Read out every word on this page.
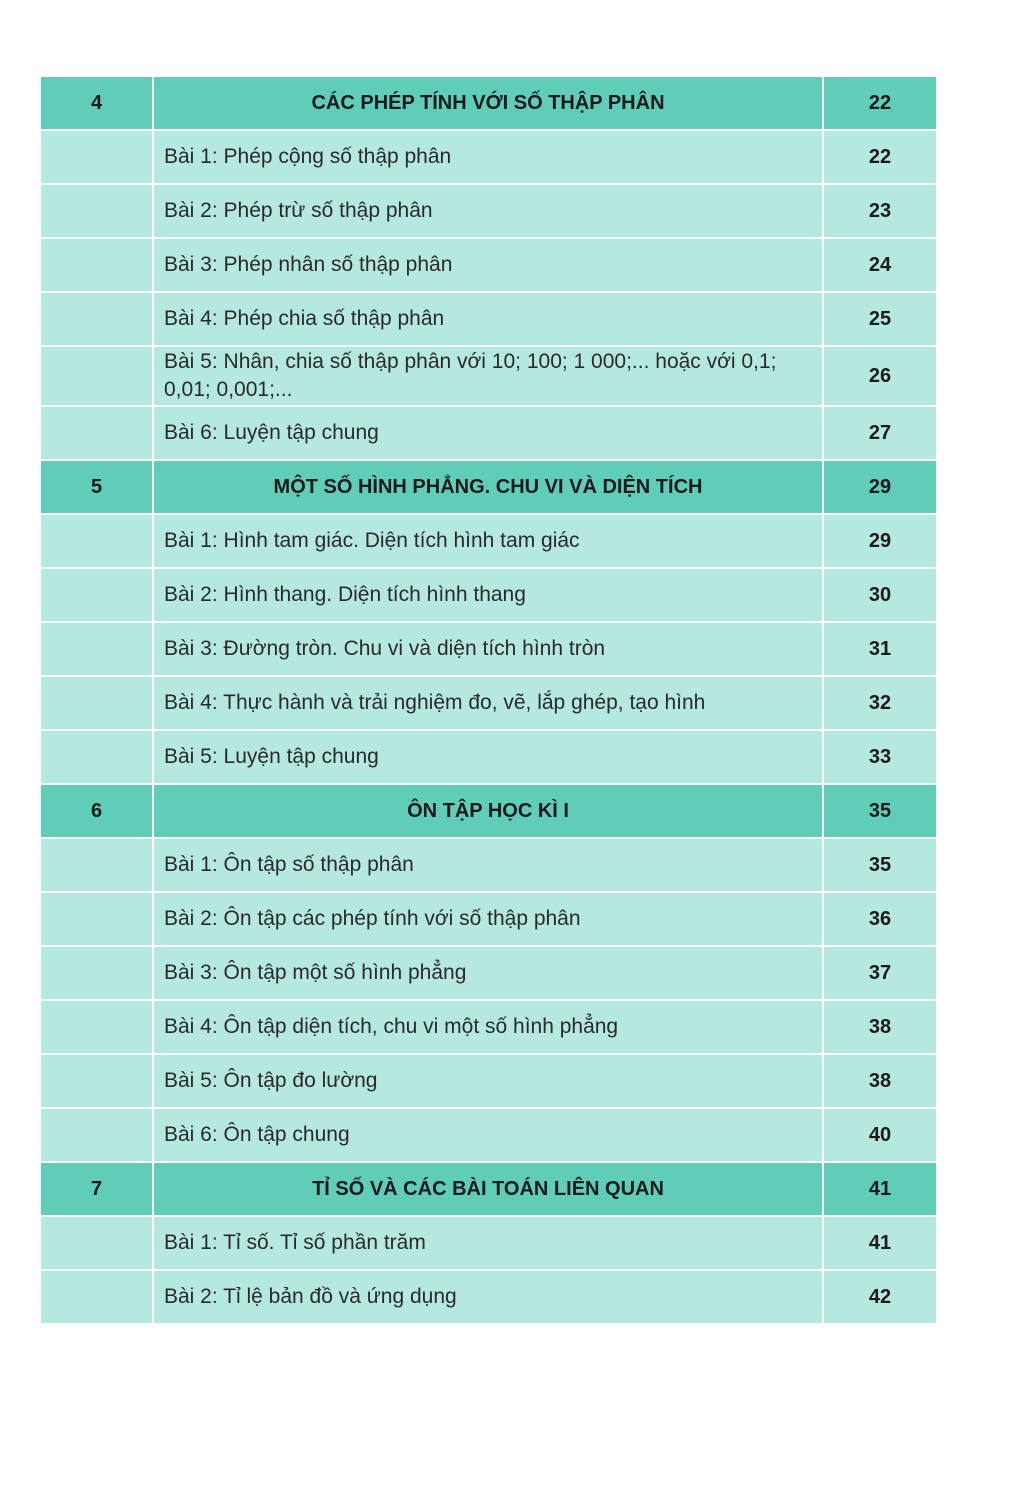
4	CÁC PHÉP TÍNH VỚI SỐ THẬP PHÂN	22
	Bài 1: Phép cộng số thập phân	22
	Bài 2: Phép trừ số thập phân	23
	Bài 3: Phép nhân số thập phân	24
	Bài 4: Phép chia số thập phân	25
	Bài 5: Nhân, chia số thập phân với 10; 100; 1 000;... hoặc với 0,1; 0,01; 0,001;...	26
	Bài 6: Luyện tập chung	27
5	MỘT SỐ HÌNH PHẲNG. CHU VI VÀ DIỆN TÍCH	29
	Bài 1: Hình tam giác. Diện tích hình tam giác	29
	Bài 2: Hình thang. Diện tích hình thang	30
	Bài 3: Đường tròn. Chu vi và diện tích hình tròn	31
	Bài 4: Thực hành và trải nghiệm đo, vẽ, lắp ghép, tạo hình	32
	Bài 5: Luyện tập chung	33
6	ÔN TẬP HỌC KÌ I	35
	Bài 1: Ôn tập số thập phân	35
	Bài 2: Ôn tập các phép tính với số thập phân	36
	Bài 3: Ôn tập một số hình phẳng	37
	Bài 4: Ôn tập diện tích, chu vi một số hình phẳng	38
	Bài 5: Ôn tập đo lường	38
	Bài 6: Ôn tập chung	40
7	TỈ SỐ VÀ CÁC BÀI TOÁN LIÊN QUAN	41
	Bài 1: Tỉ số. Tỉ số phần trăm	41
	Bài 2: Tỉ lệ bản đồ và ứng dụng	42
